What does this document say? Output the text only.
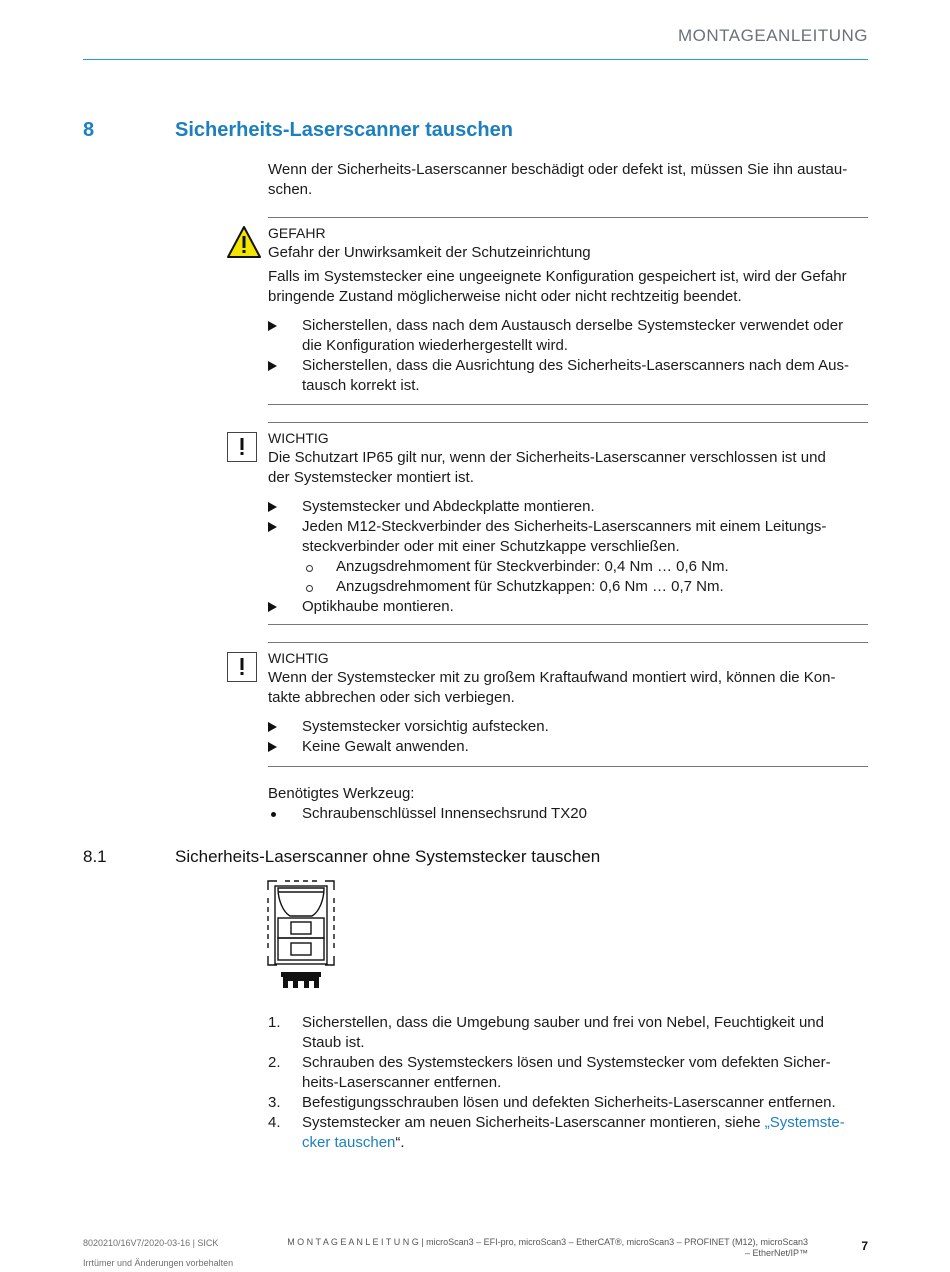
MONTAGEANLEITUNG
8	Sicherheits-Laserscanner tauschen
Wenn der Sicherheits-Laserscanner beschädigt oder defekt ist, müssen Sie ihn austau-
schen.
GEFAHR
Gefahr der Unwirksamkeit der Schutzeinrichtung
Falls im Systemstecker eine ungeeignete Konfiguration gespeichert ist, wird der Gefahr
bringende Zustand möglicherweise nicht oder nicht rechtzeitig beendet.
Sicherstellen, dass nach dem Austausch derselbe Systemstecker verwendet oder
die Konfiguration wiederhergestellt wird.
Sicherstellen, dass die Ausrichtung des Sicherheits-Laserscanners nach dem Aus-
tausch korrekt ist.
WICHTIG
Die Schutzart IP65 gilt nur, wenn der Sicherheits-Laserscanner verschlossen ist und
der Systemstecker montiert ist.
Systemstecker und Abdeckplatte montieren.
Jeden M12-Steckverbinder des Sicherheits-Laserscanners mit einem Leitungs-
steckverbinder oder mit einer Schutzkappe verschließen.
Anzugsdrehmoment für Steckverbinder: 0,4 Nm … 0,6 Nm.
Anzugsdrehmoment für Schutzkappen: 0,6 Nm … 0,7 Nm.
Optikhaube montieren.
WICHTIG
Wenn der Systemstecker mit zu großem Kraftaufwand montiert wird, können die Kon-
takte abbrechen oder sich verbiegen.
Systemstecker vorsichtig aufstecken.
Keine Gewalt anwenden.
Benötigtes Werkzeug:
Schraubenschlüssel Innensechsrund TX20
8.1	Sicherheits-Laserscanner ohne Systemstecker tauschen
1. Sicherstellen, dass die Umgebung sauber und frei von Nebel, Feuchtigkeit und
Staub ist.
2. Schrauben des Systemsteckers lösen und Systemstecker vom defekten Sicher-
heits-Laserscanner entfernen.
3. Befestigungsschrauben lösen und defekten Sicherheits-Laserscanner entfernen.
4. Systemstecker am neuen Sicherheits-Laserscanner montieren, siehe „Systemste-
cker tauschen“.
8020210/16V7/2020-03-16 | SICK
Irrtümer und Änderungen vorbehalten
M O N T A G E A N L E I T U N G | microScan3 – EFI-pro, microScan3 – EtherCAT®, microScan3 – PROFINET (M12), microScan3
– EtherNet/IP™	7
